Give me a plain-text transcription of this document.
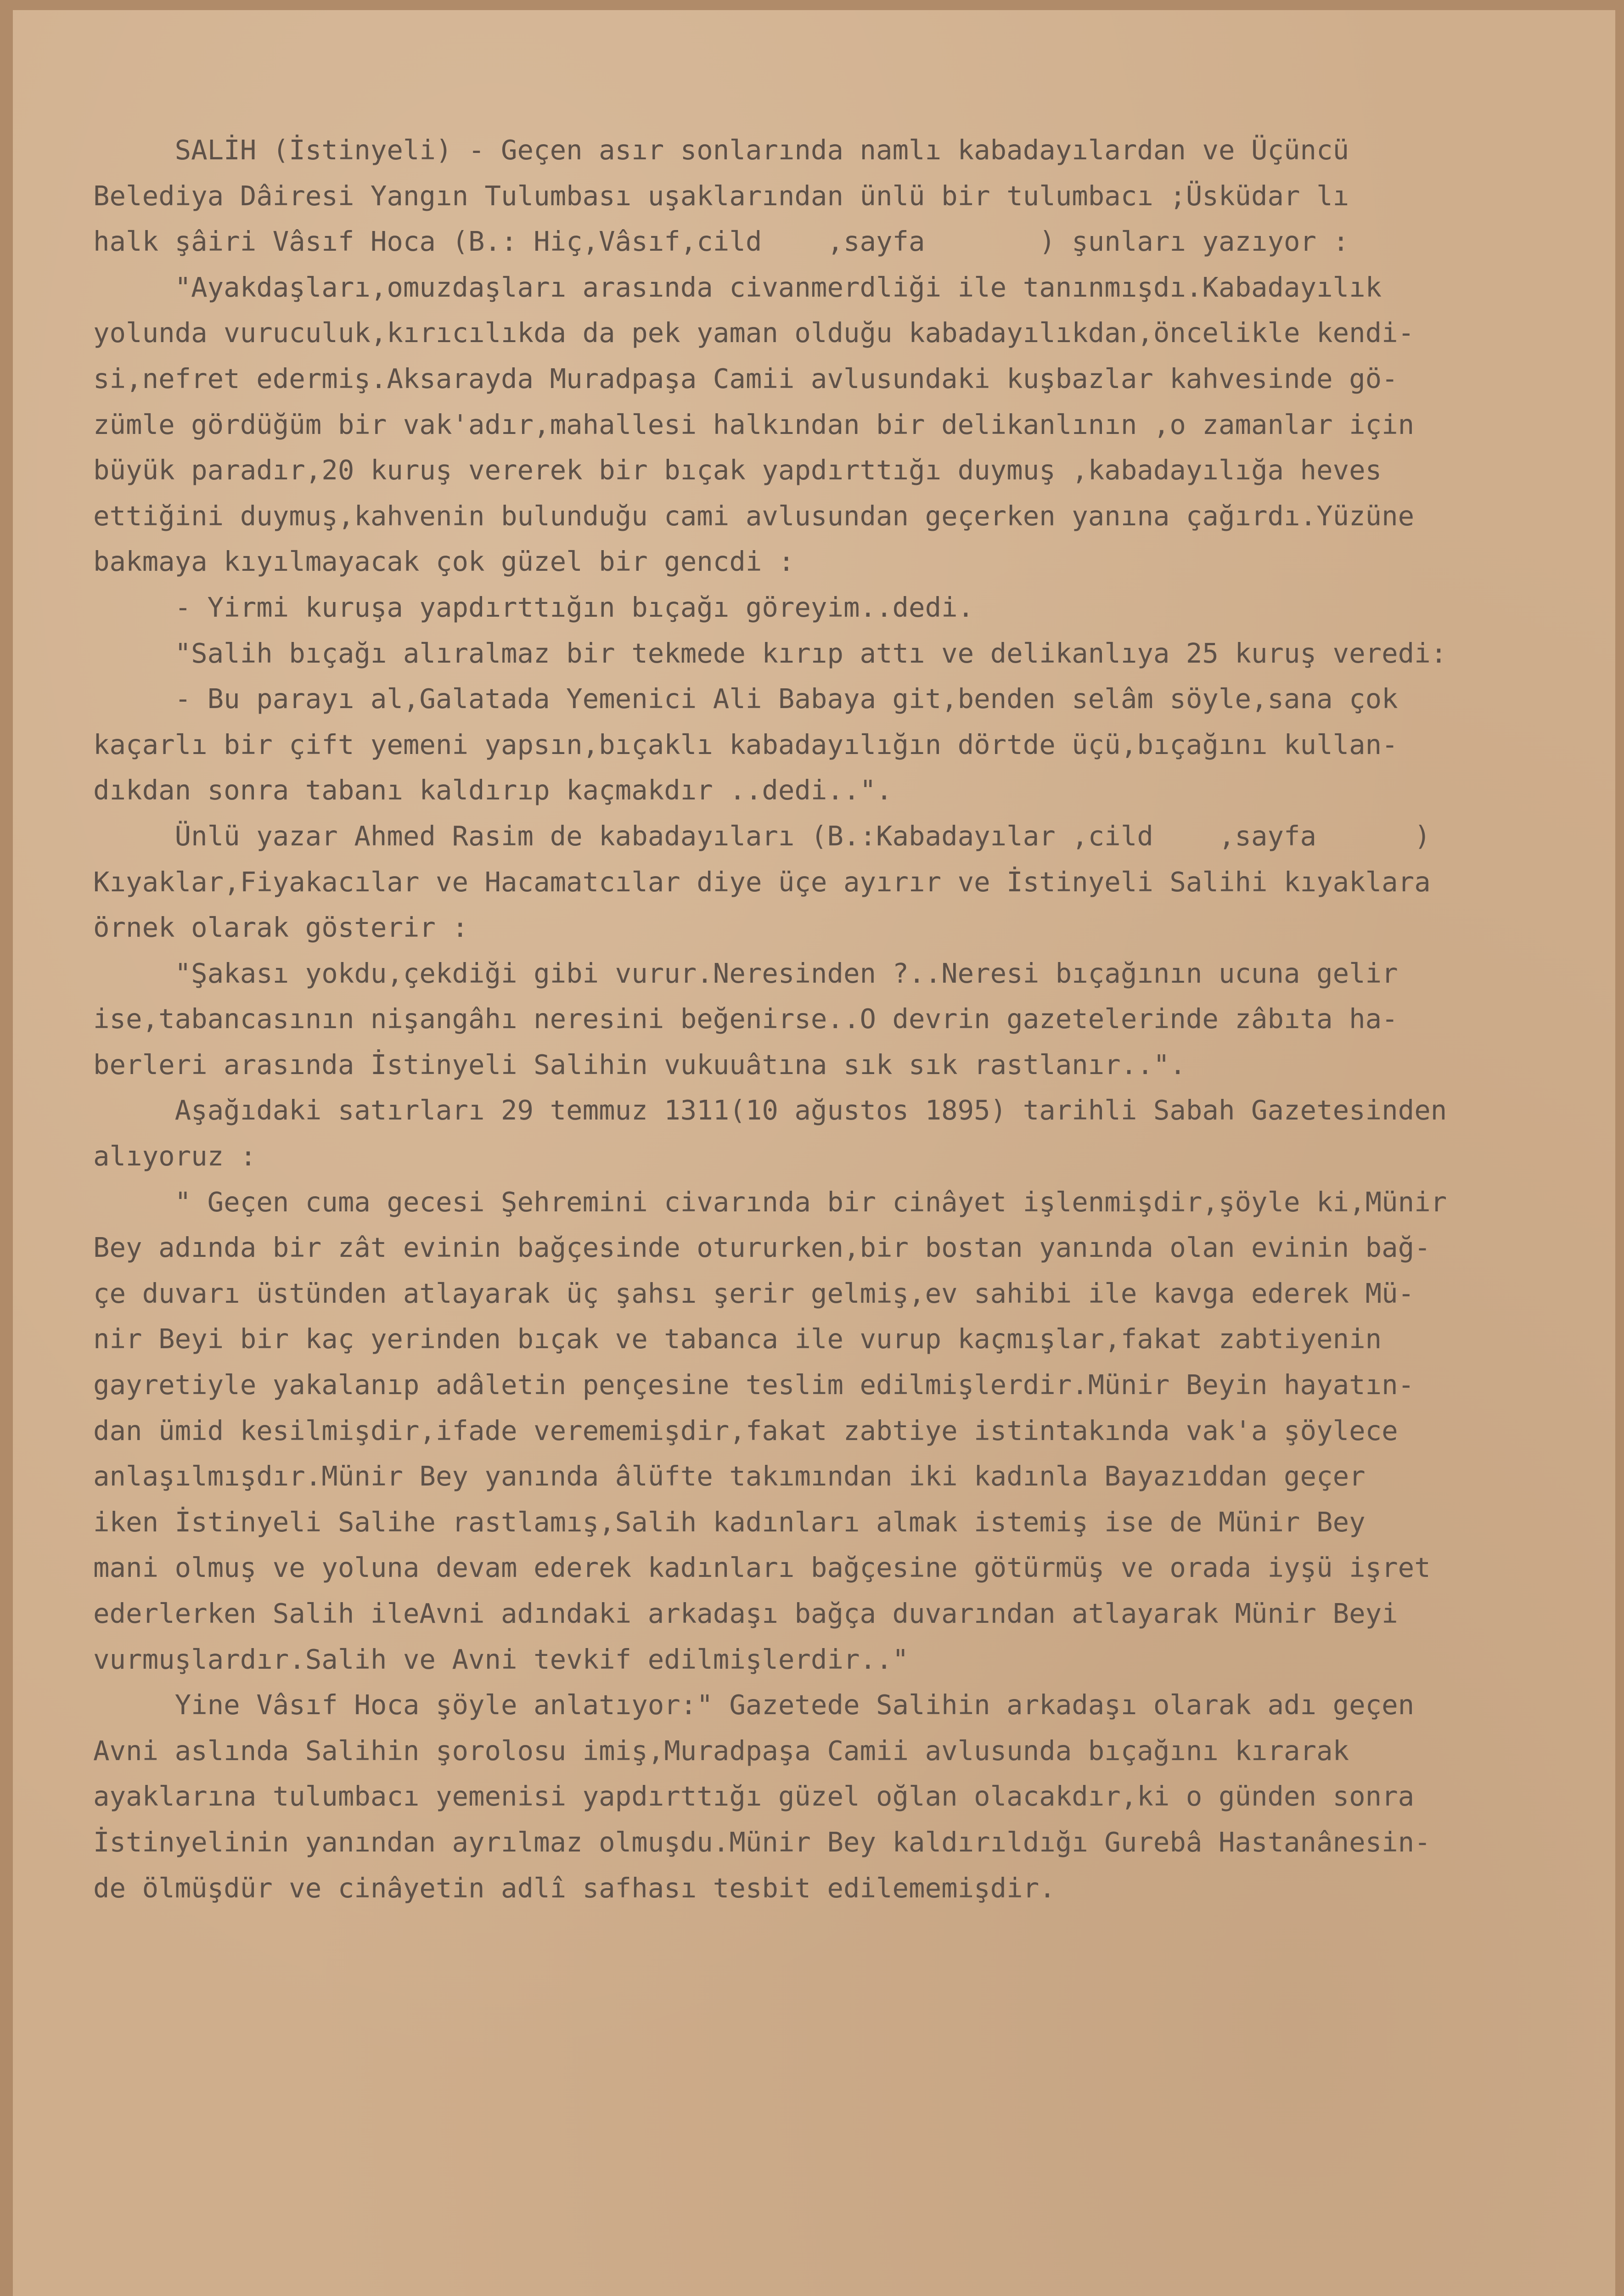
SALİH (İstinyeli) - Geçen asır sonlarında namlı kabadayılardan ve Üçüncü
Belediya Dâiresi Yangın Tulumbası uşaklarından ünlü bir tulumbacı ;Üsküdar lı
halk şâiri Vâsıf Hoca (B.: Hiç,Vâsıf,cild    ,sayfa       ) şunları yazıyor :
"Ayakdaşları,omuzdaşları arasında civanmerdliği ile tanınmışdı.Kabadayılık
yolunda vuruculuk,kırıcılıkda da pek yaman olduğu kabadayılıkdan,öncelikle kendi-
si,nefret edermiş.Aksarayda Muradpaşa Camii avlusundaki kuşbazlar kahvesinde gö-
zümle gördüğüm bir vak'adır,mahallesi halkından bir delikanlının ,o zamanlar için
büyük paradır,20 kuruş vererek bir bıçak yapdırttığı duymuş ,kabadayılığa heves
ettiğini duymuş,kahvenin bulunduğu cami avlusundan geçerken yanına çağırdı.Yüzüne
bakmaya kıyılmayacak çok güzel bir gencdi :
- Yirmi kuruşa yapdırttığın bıçağı göreyim..dedi.
"Salih bıçağı alıralmaz bir tekmede kırıp attı ve delikanlıya 25 kuruş veredi:
- Bu parayı al,Galatada Yemenici Ali Babaya git,benden selâm söyle,sana çok
kaçarlı bir çift yemeni yapsın,bıçaklı kabadayılığın dörtde üçü,bıçağını kullan-
dıkdan sonra tabanı kaldırıp kaçmakdır ..dedi..".
Ünlü yazar Ahmed Rasim de kabadayıları (B.:Kabadayılar ,cild    ,sayfa      )
Kıyaklar,Fiyakacılar ve Hacamatcılar diye üçe ayırır ve İstinyeli Salihi kıyaklara
örnek olarak gösterir :
"Şakası yokdu,çekdiği gibi vurur.Neresinden ?..Neresi bıçağının ucuna gelir
ise,tabancasının nişangâhı neresini beğenirse..O devrin gazetelerinde zâbıta ha-
berleri arasında İstinyeli Salihin vukuuâtına sık sık rastlanır..".
Aşağıdaki satırları 29 temmuz 1311(10 ağustos 1895) tarihli Sabah Gazetesinden
alıyoruz :
" Geçen cuma gecesi Şehremini civarında bir cinâyet işlenmişdir,şöyle ki,Münir
Bey adında bir zât evinin bağçesinde otururken,bir bostan yanında olan evinin bağ-
çe duvarı üstünden atlayarak üç şahsı şerir gelmiş,ev sahibi ile kavga ederek Mü-
nir Beyi bir kaç yerinden bıçak ve tabanca ile vurup kaçmışlar,fakat zabtiyenin
gayretiyle yakalanıp adâletin pençesine teslim edilmişlerdir.Münir Beyin hayatın-
dan ümid kesilmişdir,ifade verememişdir,fakat zabtiye istintakında vak'a şöylece
anlaşılmışdır.Münir Bey yanında âlüfte takımından iki kadınla Bayazıddan geçer
iken İstinyeli Salihe rastlamış,Salih kadınları almak istemiş ise de Münir Bey
mani olmuş ve yoluna devam ederek kadınları bağçesine götürmüş ve orada iyşü işret
ederlerken Salih ileAvni adındaki arkadaşı bağça duvarından atlayarak Münir Beyi
vurmuşlardır.Salih ve Avni tevkif edilmişlerdir.."
Yine Vâsıf Hoca şöyle anlatıyor:" Gazetede Salihin arkadaşı olarak adı geçen
Avni aslında Salihin şorolosu imiş,Muradpaşa Camii avlusunda bıçağını kırarak
ayaklarına tulumbacı yemenisi yapdırttığı güzel oğlan olacakdır,ki o günden sonra
İstinyelinin yanından ayrılmaz olmuşdu.Münir Bey kaldırıldığı Gurebâ Hastanânesin-
de ölmüşdür ve cinâyetin adlî safhası tesbit edilememişdir.
